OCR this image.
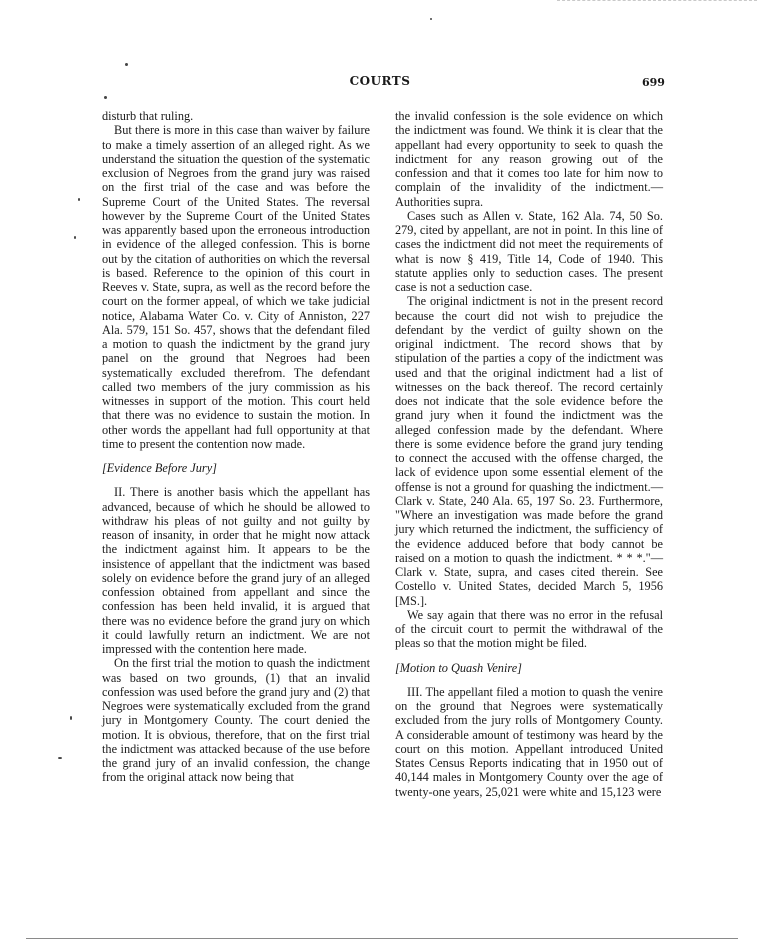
COURTS	699

disturb that ruling.

But there is more in this case than waiver by failure to make a timely assertion of an alleged right. As we understand the situation the question of the systematic exclusion of Negroes from the grand jury was raised on the first trial of the case and was before the Supreme Court of the United States. The reversal however by the Supreme Court of the United States was apparently based upon the erroneous introduction in evidence of the alleged confession. This is borne out by the citation of authorities on which the reversal is based. Reference to the opinion of this court in Reeves v. State, supra, as well as the record before the court on the former appeal, of which we take judicial notice, Alabama Water Co. v. City of Anniston, 227 Ala. 579, 151 So. 457, shows that the defendant filed a motion to quash the indictment by the grand jury panel on the ground that Negroes had been systematically excluded therefrom. The defendant called two members of the jury commission as his witnesses in support of the motion. This court held that there was no evidence to sustain the motion. In other words the appellant had full opportunity at that time to present the contention now made.

[Evidence Before Jury]

II. There is another basis which the appellant has advanced, because of which he should be allowed to withdraw his pleas of not guilty and not guilty by reason of insanity, in order that he might now attack the indictment against him. It appears to be the insistence of appellant that the indictment was based solely on evidence before the grand jury of an alleged confession obtained from appellant and since the confession has been held invalid, it is argued that there was no evidence before the grand jury on which it could lawfully return an indictment. We are not impressed with the contention here made.

On the first trial the motion to quash the indictment was based on two grounds, (1) that an invalid confession was used before the grand jury and (2) that Negroes were systematically excluded from the grand jury in Montgomery County. The court denied the motion. It is obvious, therefore, that on the first trial the indictment was attacked because of the use before the grand jury of an invalid confession, the change from the original attack now being that

the invalid confession is the sole evidence on which the indictment was found. We think it is clear that the appellant had every opportunity to seek to quash the indictment for any reason growing out of the confession and that it comes too late for him now to complain of the invalidity of the indictment.—Authorities supra.

Cases such as Allen v. State, 162 Ala. 74, 50 So. 279, cited by appellant, are not in point. In this line of cases the indictment did not meet the requirements of what is now § 419, Title 14, Code of 1940. This statute applies only to seduction cases. The present case is not a seduction case.

The original indictment is not in the present record because the court did not wish to prejudice the defendant by the verdict of guilty shown on the original indictment. The record shows that by stipulation of the parties a copy of the indictment was used and that the original indictment had a list of witnesses on the back thereof. The record certainly does not indicate that the sole evidence before the grand jury when it found the indictment was the alleged confession made by the defendant. Where there is some evidence before the grand jury tending to connect the accused with the offense charged, the lack of evidence upon some essential element of the offense is not a ground for quashing the indictment.—Clark v. State, 240 Ala. 65, 197 So. 23. Furthermore, "Where an investigation was made before the grand jury which returned the indictment, the sufficiency of the evidence adduced before that body cannot be raised on a motion to quash the indictment. * * *."—Clark v. State, supra, and cases cited therein. See Costello v. United States, decided March 5, 1956 [MS.].

We say again that there was no error in the refusal of the circuit court to permit the withdrawal of the pleas so that the motion might be filed.

[Motion to Quash Venire]

III. The appellant filed a motion to quash the venire on the ground that Negroes were systematically excluded from the jury rolls of Montgomery County. A considerable amount of testimony was heard by the court on this motion. Appellant introduced United States Census Reports indicating that in 1950 out of 40,144 males in Montgomery County over the age of twenty-one years, 25,021 were white and 15,123 were
